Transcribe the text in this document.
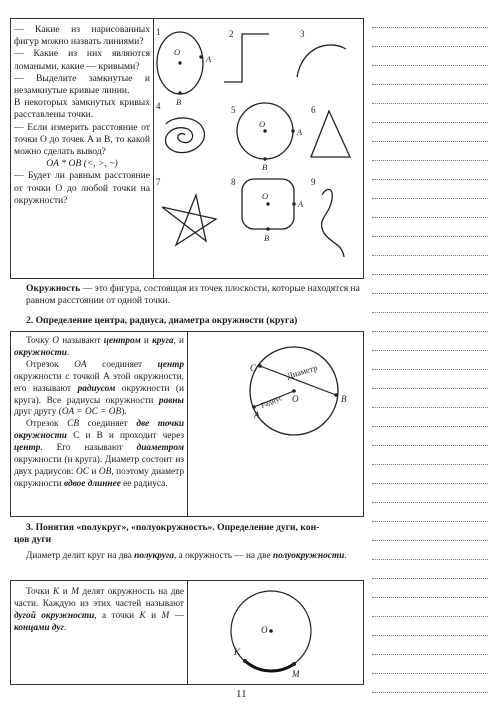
— Какие из нарисованных фигур можно назвать линиями?

— Какие из них являются ломаными, какие — кривыми?

— Выделите замкнутые и незамкнутые кривые линии.

В некоторых замкнутых кривых расставлены точки.

— Если измерить расстояние от точки O до точек A и B, то какой можно сделать вывод?

OA * OB (<, >, ~)

— Будет ли равным расстояние от точки O до любой точки на окружности?

1	2	3
4	5	6
7	8	9
O
A
B
O
A
B
O
A
B
Окружность — это фигура, состоящая из точек плоскости, которые находятся на равном расстоянии от одной точки.
2. Определение центра, радиуса, диаметра окружности (круга)

Точку O называют центром и круга, и окружности.

Отрезок OA соединяет центр окружности с точкой A этой окружности, его называют радиусом окружности (и круга). Все радиусы окружности равны друг другу (OA = OC = OB).

Отрезок CB соединяет две точки окружности C и B и проходит через центр. Его называют диаметром окружности (и круга). Диаметр состоит из двух радиусов: OC и OB, поэтому диаметр окружности вдвое длиннее ее радиуса.

C
A
O	B
Диаметр
Радиус
3. Понятия «полукруг», «полуокружность». Определение дуги, кон-
цов дуги
Диаметр делит круг на два полукруга, а окружность — на две полуокружности.
Точки K и M делят окружность на две части. Каждую из этих частей называют дугой окружности, а точки K и M — концами дуг.	O
K
M
11
